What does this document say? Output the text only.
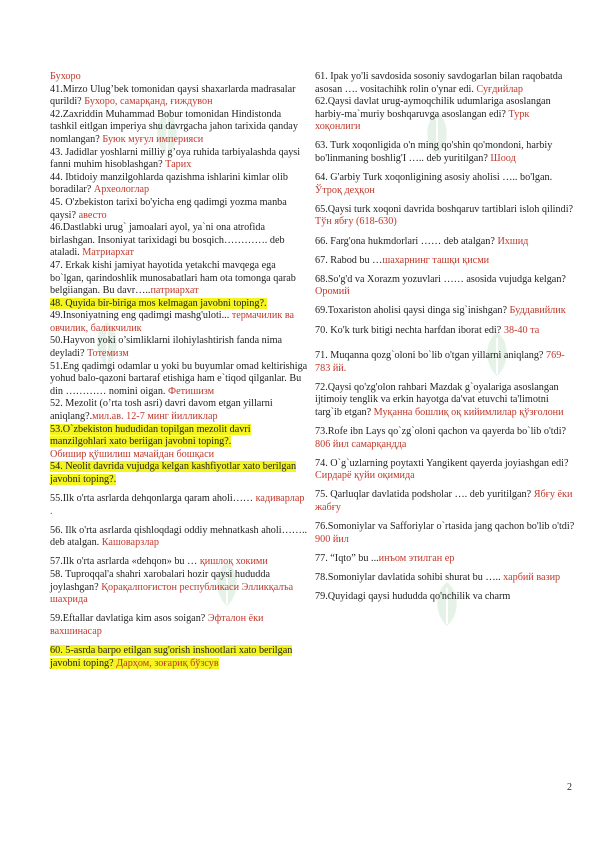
Бухоро

41.Mirzo Ulug’bek tomonidan qaysi shaxarlarda madrasalar qurildi? Бухоро, самарқанд, ғиждувон

42.Zaxriddin Muhammad Bobur tomonidan Hindistonda tashkil eitlgan imperiya shu davrgacha jahon tarixida qanday nomlangan? Буюк муғул империяси

43. Jadidlar yoshlarni milliy g’oya ruhida tarbiyalashda qaysi fanni muhim hisoblashgan? Тарих

44. Ibtidoiy manzilgohlarda qazishma ishlarini kimlar olib boradilar? Археологлар

45. O'zbekiston tarixi bo'yicha eng qadimgi yozma manba qaysi? авесто

46.Dastlabki urug` jamoalari ayol, ya`ni ona atrofida birlashgan. Insoniyat tarixidagi bu bosqich…………. deb ataladi. Матриархат

47. Erkak kishi jamiyat hayotida yetakchi mavqega ega bo`lgan, qarindoshlik munosabatlari ham ota tomonga qarab belgiiangan. Bu davr…..патриархат

48. Quyida bir-biriga mos kelmagan javobni toping?.

49.Insoniyatning eng qadimgi mashg'uloti... термачилик ва овчилик, баликчилик

50.Hayvon yoki o’simliklarni ilohiylashtirish fanda nima deyladi? Тотемизм

51.Eng qadimgi odamlar u yoki bu buyumlar omad keltirishiga yohud balo-qazoni bartaraf etishiga ham e`tiqod qilganlar. Bu din ………… nomini oigan. Фетишизм

52. Mezolit (o’rta tosh asri) davri davom etgan yillarni aniqlang?.мил.ав. 12-7 минг йилликлар

53.O`zbekiston hududidan topilgan mezolit davri manzilgohlari xato beriigan javobni toping?.

Обишир қўшилиш мачайдан бошқаси

54. Neolit davrida vujudga kelgan kashfiyotlar xato berilgan javobni toping?.

55.Ilk o'rta asrlarda dehqonlarga qaram aholi…… кадиварлар .

56. Ilk o'rta asrlarda qishloqdagi oddiy mehnatkash aholi…….. deb atalgan. Кашоварзлар

57.Ilk o'rta asrlarda «dehqon» bu … қишлоқ хокими

58. Tuproqqal'a shahri xarobalari hozir qaysi hududda joylashgan? Қорақалпоғистон республикаси Элликқалъа шахрида

59.Eftallar davlatiga kim asos soigan? Эфталон ёки вахшинасар

60. 5-asrda barpo etilgan sug'orish inshootlari xato berilgan javobni toping? Дарҳом, зоғариқ бўзсув

61. Ipak yo'li savdosida sosoniy savdogarlan bilan raqobatda asosan …. vositachihk rolin o'ynar edi. Суғдийлар

62.Qaysi davlat urug-aymoqchilik udumlariga asoslangan harbiy-ma`muriy boshqaruvga asoslangan edi? Турк хоқонлиги

63. Turk xoqonligida o'n ming qo'shin qo'mondoni, harbiy bo'linmaning boshlig'I ….. deb yuritilgan? Шоод

64. G'arbiy Turk xoqonligining asosiy aholisi ….. bo'lgan. Ўтроқ деҳқон

65.Qaysi turk xoqoni davrida boshqaruv tartiblari isloh qilindi? Тўн ябғу (618-630)

66. Farg'ona hukmdorlari …… deb atalgan? Ихшид

67. Rabod bu …шахарнинг ташқи қисми

68.So'g'd va Xorazm yozuvlari …… asosida vujudga kelgan? Оромий

69.Toxariston aholisi qaysi dinga sig`inishgan? Буддавийлик

70. Ko'k turk bitigi nechta harfdan iborat edi? 38-40 та

71. Muqanna qozg`oloni bo`lib o'tgan yillarni aniqlang? 769-783 йй.

72.Qaysi qo'zg'olon rahbari Mazdak g`oyalariga asoslangan ijtimoiy tenglik va erkin hayotga da'vat etuvchi ta'limotni targ`ib etgan? Муқанна бошлиқ оқ кийимлилар қўзғолони

73.Rofe ibn Lays qo`zg`oloni qachon va qayerda bo`lib o'tdi? 806 йил самарқандда

74. O`g`uzlarning poytaxti Yangikent qayerda joyiashgan edi? Сирдарё қуйи оқимида

75. Qarluqlar davlatida podsholar …. deb yuritilgan? Ябғу ёки жабғу

76.Somoniylar va Safforiylar o`rtasida jang qachon bo'lib o'tdi? 900 йил

77. “Iqto” bu ...инъом этилган ер

78.Somoniylar davlatida sohibi shurat bu ….. харбий вазир

79.Quyidagi qaysi hududda qo'nchilik va charm

2
